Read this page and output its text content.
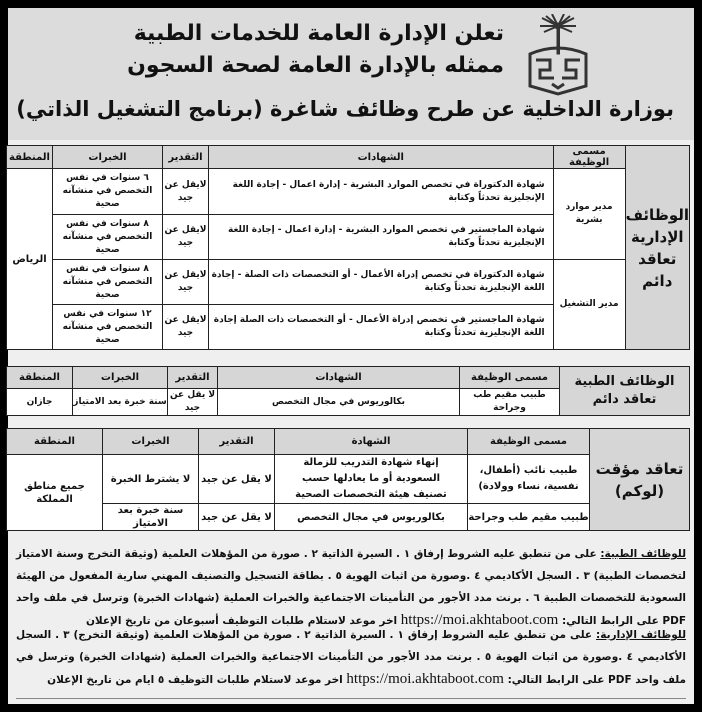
تعلن الإدارة العامة للخدمات الطبية
ممثله بالإدارة العامة لصحة السجون
بوزارة الداخلية عن طرح وظائف شاغرة (برنامج التشغيل الذاتي)
الوظائف الإدارية تعاقد دائم	مسمى الوظيفة	الشهادات	التقدير	الخبرات	المنطقة
	مدير موارد بشرية	شهادة الدكتوراة في تخصص الموارد البشرية - إدارة اعمال - إجادة اللغة الإنجليزية تحدثاً وكتابة	لايقل عن جيد	٦ سنوات في نفس التخصص في منشآنه صحية	الرياض
		شهادة الماجستير في تخصص الموارد البشرية - إدارة اعمال - إجادة اللغة الإنجليزية تحدثاً وكتابة	لايقل عن جيد	٨ سنوات في نفس التخصص في منشآنه صحية	
	مدير التشغيل	شهادة الدكتوراة في تخصص إدراة الأعمال - أو التخصصات ذات الصلة - إجادة اللغة الإنجليزية تحدثاً وكتابة	لايقل عن جيد	٨ سنوات في نفس التخصص في منشآنه صحية	
		شهادة الماجستير في تخصص إدراة الأعمال - أو التخصصات ذات الصلة إجادة اللغة الإنجليزية تحدثاً وكتابة	لايقل عن جيد	١٢ سنوات في نفس التخصص في منشآنه صحية	
الوظائف الطبية تعاقد دائم	مسمى الوظيفة	الشهادات	التقدير	الخبرات	المنطقة
	طبيب مقيم طب وجراحة	بكالوريوس في مجال التخصص	لا يقل عن جيد	سنة خبرة بعد الامتياز	جازان
تعاقد مؤقت (لوكم)	مسمى الوظيفة	الشهادة	التقدير	الخبرات	المنطقة
	طبيب نائب (أطفال، نفسية، نساء وولادة)	إنهاء شهادة التدريب للزمالة السعودية أو ما يعادلها حسب تصنيف هيئة التخصصات الصحية	لا يقل عن جيد	لا يشترط الخبرة	جميع مناطق المملكة
	طبيب مقيم طب وجراحة	بكالوريوس في مجال التخصص	لا يقل عن جيد	سنة خبرة بعد الامتياز	

للوظائف الطبية: على من تنطبق عليه الشروط إرفاق ١ . السيرة الذاتية ٢ . صورة من المؤهلات العلمية (وثيقة التخرج وسنة الامتياز لتخصصات الطبية) ٣ . السجل الأكاديمي ٤ .وصورة من اثبات الهوية ٥ . بطاقة التسجيل والتصنيف المهني سارية المفعول من الهيئة السعودية للتخصصات الطبية ٦ . برنت مدد الأجور من التأمينات الاجتماعية والخبرات العملية (شهادات الخبرة) وترسل في ملف واحد PDF على الرابط التالي: https://moi.akhtaboot.com اخر موعد لاستلام طلبات التوظيف أسبوعان من تاريخ الإعلان

للوظائف الإدارية: على من تنطبق عليه الشروط إرفاق ١ . السيرة الذاتية ٢ . صورة من المؤهلات العلمية (وثيقة التخرج) ٣ . السجل الأكاديمي ٤ .وصورة من اثبات الهوية ٥ . برنت مدد الأجور من التأمينات الاجتماعية والخبرات العملية (شهادات الخبرة) وترسل في ملف واحد PDF على الرابط التالي: https://moi.akhtaboot.com اخر موعد لاستلام طلبات التوظيف ٥ ايام من تاريخ الإعلان
